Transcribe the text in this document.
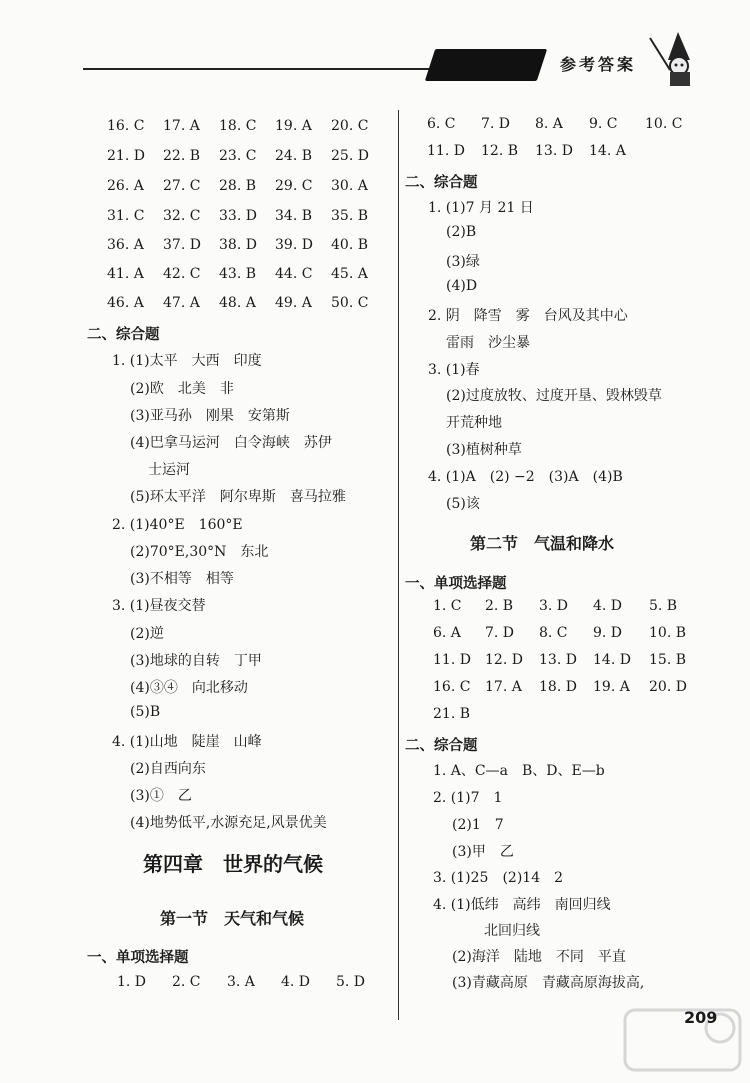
参考答案
16. C 17. A 18. C 19. A 20. C
21. D 22. B 23. C 24. B 25. D
26. A 27. C 28. B 29. C 30. A
31. C 32. C 33. D 34. B 35. B
36. A 37. D 38. D 39. D 40. B
41. A 42. C 43. B 44. C 45. A
46. A 47. A 48. A 49. A 50. C
二、综合题
1. (1)太平　大西　印度
(2)欧　北美　非
(3)亚马孙　刚果　安第斯
(4)巴拿马运河　白令海峡　苏伊
士运河
(5)环太平洋　阿尔卑斯　喜马拉雅
2. (1)40°E　160°E
(2)70°E,30°N　东北
(3)不相等　相等
3. (1)昼夜交替
(2)逆
(3)地球的自转　丁甲
(4)③④　向北移动
(5)B
4. (1)山地　陡崖　山峰
(2)自西向东
(3)①　乙
(4)地势低平,水源充足,风景优美
第四章　世界的气候
第一节　天气和气候
一、单项选择题
1. D 2. C 3. A 4. D 5. D
6. C 7. D 8. A 9. C 10. C
11. D 12. B 13. D 14. A
二、综合题
1. (1)7 月 21 日
(2)B
(3)绿
(4)D
2. 阴　降雪　雾　台风及其中心
雷雨　沙尘暴
3. (1)春
(2)过度放牧、过度开垦、毁林毁草
开荒种地
(3)植树种草
4. (1)A　(2) −2　(3)A　(4)B
(5)该
第二节　气温和降水
一、单项选择题
1. C 2. B 3. D 4. D 5. B
6. A 7. D 8. C 9. D 10. B
11. D 12. D 13. D 14. D 15. B
16. C 17. A 18. D 19. A 20. D
21. B
二、综合题
1. A、C—a　B、D、E—b
2. (1)7　1
(2)1　7
(3)甲　乙
3. (1)25　(2)14　2
4. (1)低纬　高纬　南回归线
北回归线
(2)海洋　陆地　不同　平直
(3)青藏高原　青藏高原海拔高,
209
